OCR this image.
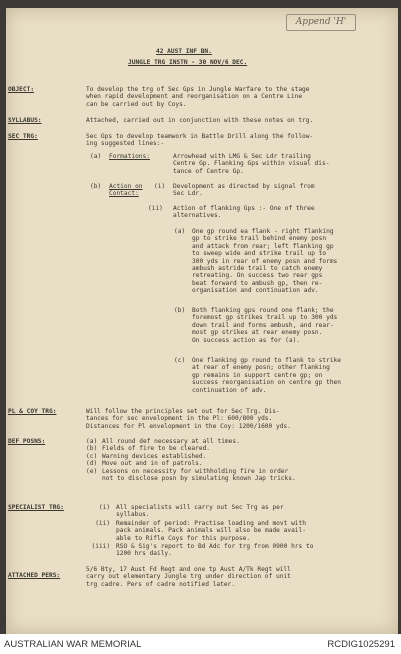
Append 'H'
42 AUST INF BN.
JUNGLE TRG INSTN - 30 NOV/6 DEC.
OBJECT:	To develop the trg of Sec Gps in Jungle Warfare to the stage
when rapid development and reorganisation on a Centre Line
can be carried out by Coys.
SYLLABUS:	Attached, carried out in conjunction with these notes on trg.
SEC TRG:	Sec Gps to develop teamwork in Battle Drill along the follow-
ing suggested lines:-
(a) Formations:	Arrowhead with LMG & Sec Ldr trailing
Centre Gp. Flanking Gps within visual dis-
tance of Centre Gp.
(b) Action on
Contact:
(i) Development as directed by signal from
Sec Ldr.
(ii) Action of flanking Gps :- One of three
alternatives.
(a) One gp round ea flank - right flanking
gp to strike trail behind enemy posn
and attack from rear; left flanking gp
to sweep wide and strike trail up to
300 yds in rear of enemy posn and forms
ambush astride trail to catch enemy
retreating. On success two rear gps
beat forward to ambush gp, then re-
organisation and continuation adv.
(b) Both flanking gps round one flank; the
foremost gp strikes trail up to 300 yds
down trail and forms ambush, and rear-
most gp strikes at rear enemy posn.
On success action as for (a).
(c) One flanking gp round to flank to strike
at rear of enemy posn; other flanking
gp remains in support centre gp; on
success reorganisation on centre gp then
continuation of adv.
PL & COY TRG:	Will follow the principles set out for Sec Trg. Dis-
tances for sec envelopment in the Pl: 600/800 yds.
Distances for Pl envelopment in the Coy: 1200/1600 yds.
DEF POSNS:	(a) All round def necessary at all times.
(b) Fields of fire to be cleared.
(c) Warning devices established.
(d) Move out and in of patrols.
(e) Lessons on necessity for withholding fire in order
not to disclose posn by simulating known Jap tricks.
SPECIALIST TRG:	(i) All specialists will carry out Sec Trg as per
syllabus.
(ii) Remainder of period: Practise loading and movt with
pack animals. Pack animals will also be made avail-
able to Rifle Coys for this purpose.
(iii) RSO & Sig's report to Bd Adc for trg from 0900 hrs to
1200 hrs daily.
ATTACHED PERS:
5/6 Bty, 17 Aust Fd Regt and one tp Aust A/Tk Regt will
carry out elementary Jungle trg under direction of unit
trg cadre. Pers of cadre notified later.
AUSTRALIAN WAR MEMORIAL	RCDIG1025291
